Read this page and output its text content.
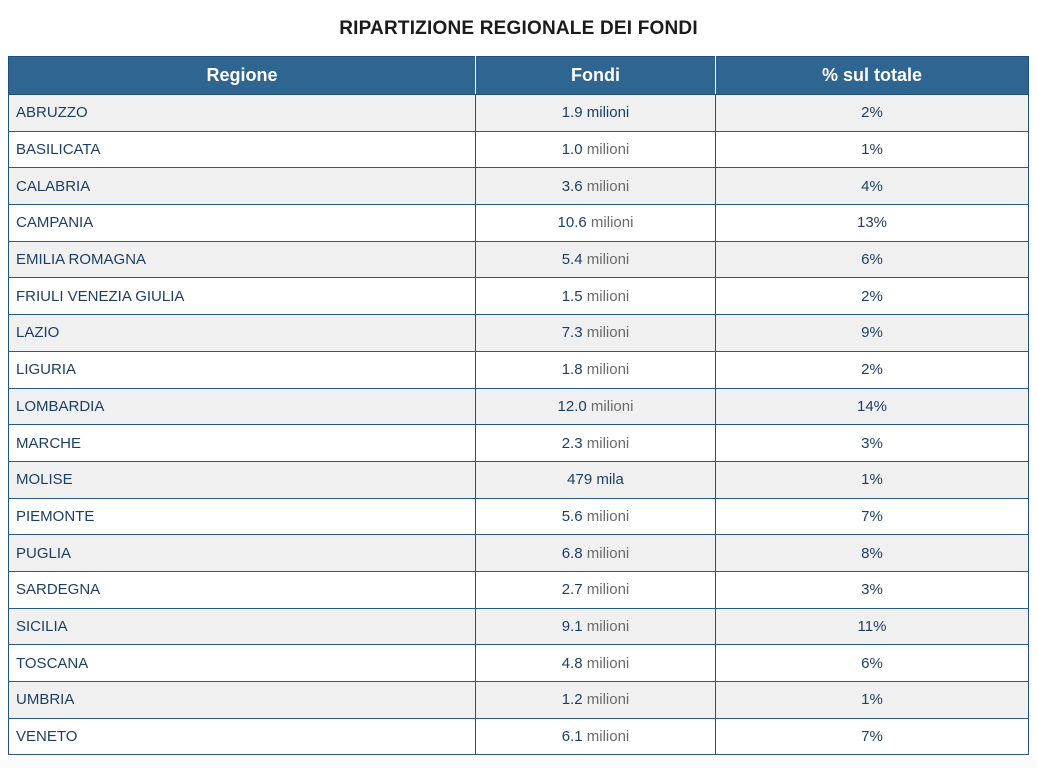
RIPARTIZIONE REGIONALE DEI FONDI
Regione	Fondi	% sul totale
ABRUZZO	1.9 milioni	2%
BASILICATA	1.0 milioni	1%
CALABRIA	3.6 milioni	4%
CAMPANIA	10.6 milioni	13%
EMILIA ROMAGNA	5.4 milioni	6%
FRIULI VENEZIA GIULIA	1.5 milioni	2%
LAZIO	7.3 milioni	9%
LIGURIA	1.8 milioni	2%
LOMBARDIA	12.0 milioni	14%
MARCHE	2.3 milioni	3%
MOLISE	479 mila	1%
PIEMONTE	5.6 milioni	7%
PUGLIA	6.8 milioni	8%
SARDEGNA	2.7 milioni	3%
SICILIA	9.1 milioni	11%
TOSCANA	4.8 milioni	6%
UMBRIA	1.2 milioni	1%
VENETO	6.1 milioni	7%
